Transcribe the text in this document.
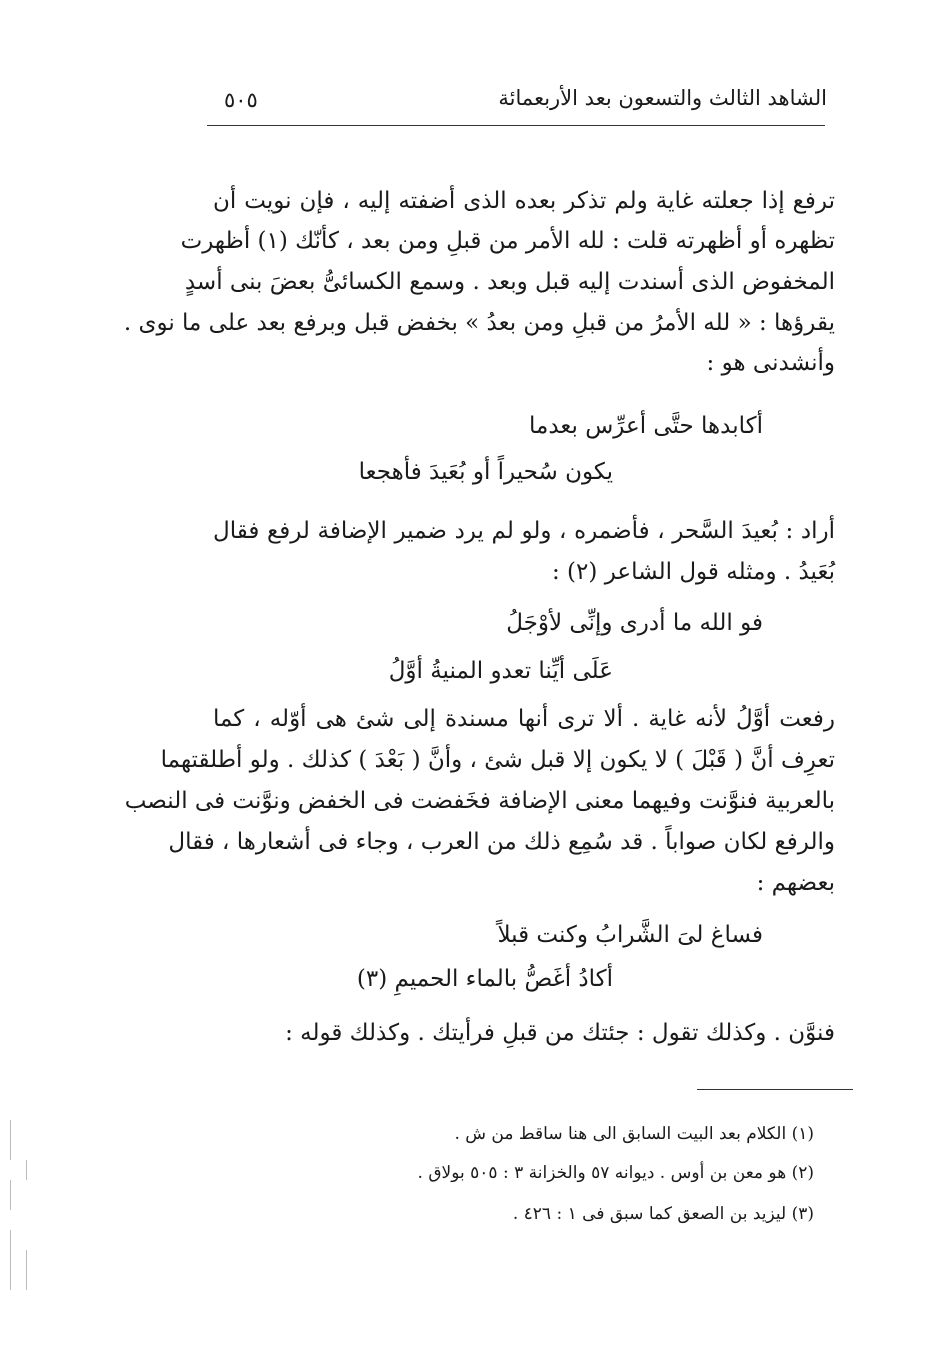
الشاهد الثالث والتسعون بعد الأربعمائة
٥٠٥
ترفع إذا جعلته غاية ولم تذكر بعده الذى أضفته إليه ، فإن نويت أن
تظهره أو أظهرته قلت : لله الأمر من قبلِ ومن بعد ، كأنّك (١) أظهرت
المخفوض الذى أسندت إليه قبل وبعد . وسمع الكسائىُّ بعضَ بنى أسدٍ
يقرؤها : « لله الأمرُ من قبلِ ومن بعدُ » بخفض قبل وبرفع بعد على ما نوى .
وأنشدنى هو :
أكابدها حتَّى أعرِّس بعدما
يكون سُحيراً أو بُعَيدَ فأهجعا
أراد : بُعيدَ السَّحر ، فأضمره ، ولو لم يرد ضمير الإضافة لرفع فقال
بُعَيدُ . ومثله قول الشاعر (٢) :
فو الله ما أدرى وإنِّى لأوْجَلُ
عَلَى أيِّنا تعدو المنيةُ أوَّلُ
رفعت أوَّلُ لأنه غاية . ألا ترى أنها مسندة إلى شئ هى أوّله ، كما
تعرِف أنَّ ( قَبْلَ ) لا يكون إلا قبل شئ ، وأنَّ ( بَعْدَ ) كذلك . ولو أطلقتهما
بالعربية فنوَّنت وفيهما معنى الإضافة فخَفضت فى الخفض ونوَّنت فى النصب
والرفع لكان صواباً . قد سُمِع ذلك من العرب ، وجاء فى أشعارها ، فقال
بعضهم :
فساغ لىَ الشَّرابُ وكنت قبلاً
أكادُ أغَصُّ بالماء الحميمِ (٣)
فنوَّن . وكذلك تقول : جئتك من قبلِ فرأيتك . وكذلك قوله :
(١) الكلام بعد البيت السابق الى هنا ساقط من ش .
(٢) هو معن بن أوس . ديوانه ٥٧ والخزانة ٣ : ٥٠٥ بولاق .
(٣) ليزيد بن الصعق كما سبق فى ١ : ٤٢٦ .
